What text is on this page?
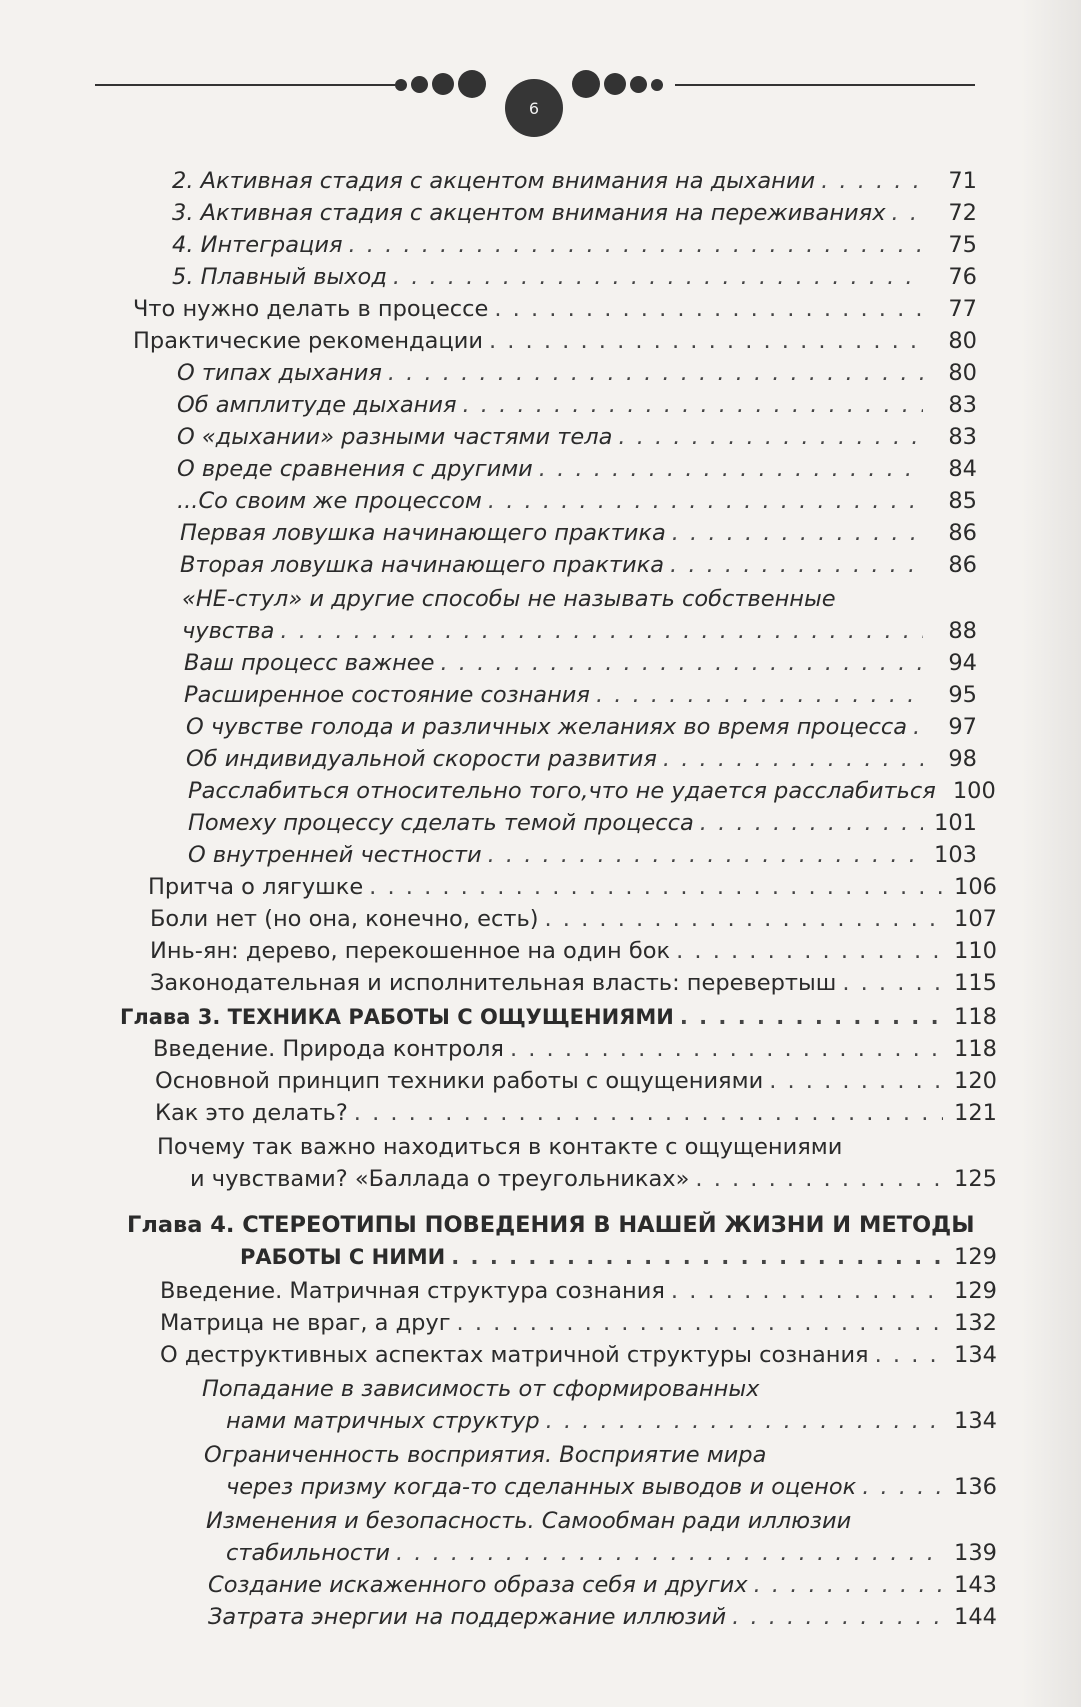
6
2. Активная стадия с акцентом внимания на дыхании . . .	71
3. Активная стадия с акцентом внимания на переживаниях . . .	72
4. Интеграция . . .	75
5. Плавный выход . . .	76
Что нужно делать в процессе . . .	77
Практические рекомендации . . .	80
О типах дыхания . . .	80
Об амплитуде дыхания . . .	83
О «дыхании» разными частями тела . . .	83
О вреде сравнения с другими . . .	84
...Со своим же процессом . . .	85
Первая ловушка начинающего практика . . .	86
Вторая ловушка начинающего практика . . .	86
«НЕ-стул» и другие способы не называть собственные
чувства . . .	88
Ваш процесс важнее . . .	94
Расширенное состояние сознания . . .	95
О чувстве голода и различных желаниях во время процесса . . .	97
Об индивидуальной скорости развития . . .	98
Расслабиться относительно того,что не удается расслабиться 100
Помеху процессу сделать темой процесса . . .	101
О внутренней честности . . .	103
Притча о лягушке . . .	106
Боли нет (но она, конечно, есть) . . .	107
Инь-ян: дерево, перекошенное на один бок . . .	110
Законодательная и исполнительная власть: перевертыш . . .	115
Глава 3. ТЕХНИКА РАБОТЫ С ОЩУЩЕНИЯМИ . . .	118
Введение. Природа контроля . . .	118
Основной принцип техники работы с ощущениями . . .	120
Как это делать? . . .	121
Почему так важно находиться в контакте с ощущениями
и чувствами? «Баллада о треугольниках» . . .	125
Глава 4. СТЕРЕОТИПЫ ПОВЕДЕНИЯ В НАШЕЙ ЖИЗНИ И МЕТОДЫ
РАБОТЫ С НИМИ . . .	129
Введение. Матричная структура сознания . . .	129
Матрица не враг, а друг . . .	132
О деструктивных аспектах матричной структуры сознания . . .	134
Попадание в зависимость от сформированных
нами матричных структур . . .	134
Ограниченность восприятия. Восприятие мира
через призму когда-то сделанных выводов и оценок . . .	136
Изменения и безопасность. Самообман ради иллюзии
стабильности . . .	139
Создание искаженного образа себя и других . . .	143
Затрата энергии на поддержание иллюзий . . .	144
